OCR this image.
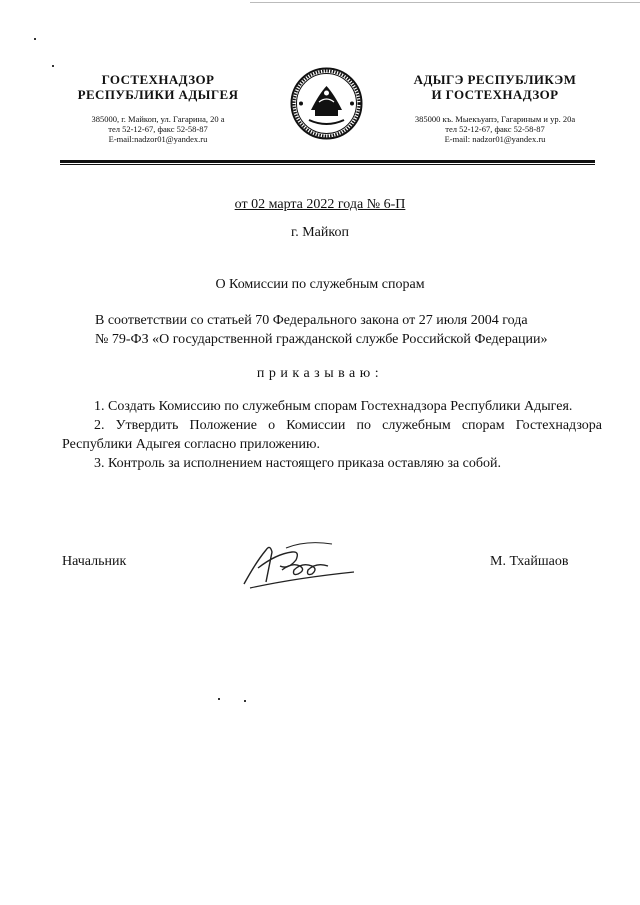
ГОСТЕХНАДЗОР
РЕСПУБЛИКИ АДЫГЕЯ
385000, г. Майкоп, ул. Гагарина, 20 а
тел 52-12-67, факс 52-58-87
E-mail:nadzor01@yandex.ru
АДЫГЭ РЕСПУБЛИКЭМ
И ГОСТЕХНАДЗОР
385000 къ. Мыекъуапэ, Гагариным и ур. 20а
тел 52-12-67, факс 52-58-87
E-mail: nadzor01@yandex.ru
от 02 марта 2022 года № 6-П
г. Майкоп
О Комиссии по служебным спорам
В соответствии со статьей 70 Федерального закона от 27 июля 2004 года
№ 79-ФЗ «О государственной гражданской службе Российской Федерации»
приказываю:

1. Создать Комиссию по служебным спорам Гостехнадзора Республики Адыгея.

2. Утвердить Положение о Комиссии по служебным спорам Гостехнадзора Республики Адыгея согласно приложению.

3. Контроль за исполнением настоящего приказа оставляю за собой.

Начальник	М. Тхайшаов
